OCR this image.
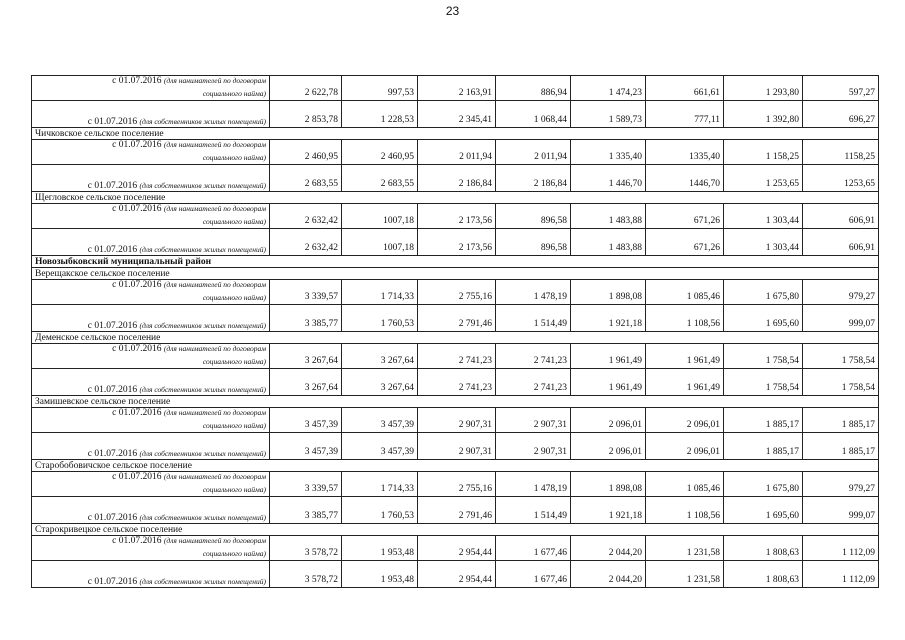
23
с 01.07.2016 (для нанимателей по договорам
социального найма)	2 622,78	997,53	2 163,91	886,94	1 474,23	661,61	1 293,80	597,27
с 01.07.2016 (для собственников жилых помещений)	2 853,78	1 228,53	2 345,41	1 068,44	1 589,73	777,11	1 392,80	696,27
Чичковское сельское поселение								

с 01.07.2016 (для нанимателей по договорам
социального найма)	2 460,95	2 460,95	2 011,94	2 011,94	1 335,40	1335,40	1 158,25	1158,25
с 01.07.2016 (для собственников жилых помещений)	2 683,55	2 683,55	2 186,84	2 186,84	1 446,70	1446,70	1 253,65	1253,65
Щегловское сельское поселение								

с 01.07.2016 (для нанимателей по договорам
социального найма)	2 632,42	1007,18	2 173,56	896,58	1 483,88	671,26	1 303,44	606,91
с 01.07.2016 (для собственников жилых помещений)	2 632,42	1007,18	2 173,56	896,58	1 483,88	671,26	1 303,44	606,91
Новозыбковский муниципальный район								
Верещакское сельское поселение								

с 01.07.2016 (для нанимателей по договорам
социального найма)	3 339,57	1 714,33	2 755,16	1 478,19	1 898,08	1 085,46	1 675,80	979,27
с 01.07.2016 (для собственников жилых помещений)	3 385,77	1 760,53	2 791,46	1 514,49	1 921,18	1 108,56	1 695,60	999,07
Деменское сельское поселение								

с 01.07.2016 (для нанимателей по договорам
социального найма)	3 267,64	3 267,64	2 741,23	2 741,23	1 961,49	1 961,49	1 758,54	1 758,54
с 01.07.2016 (для собственников жилых помещений)	3 267,64	3 267,64	2 741,23	2 741,23	1 961,49	1 961,49	1 758,54	1 758,54
Замишевское сельское поселение								

с 01.07.2016 (для нанимателей по договорам
социального найма)	3 457,39	3 457,39	2 907,31	2 907,31	2 096,01	2 096,01	1 885,17	1 885,17
с 01.07.2016 (для собственников жилых помещений)	3 457,39	3 457,39	2 907,31	2 907,31	2 096,01	2 096,01	1 885,17	1 885,17
Старобобовичское сельское поселение								

с 01.07.2016 (для нанимателей по договорам
социального найма)	3 339,57	1 714,33	2 755,16	1 478,19	1 898,08	1 085,46	1 675,80	979,27
с 01.07.2016 (для собственников жилых помещений)	3 385,77	1 760,53	2 791,46	1 514,49	1 921,18	1 108,56	1 695,60	999,07
Старокривецкое сельское поселение								

с 01.07.2016 (для нанимателей по договорам
социального найма)	3 578,72	1 953,48	2 954,44	1 677,46	2 044,20	1 231,58	1 808,63	1 112,09
с 01.07.2016 (для собственников жилых помещений)	3 578,72	1 953,48	2 954,44	1 677,46	2 044,20	1 231,58	1 808,63	1 112,09
